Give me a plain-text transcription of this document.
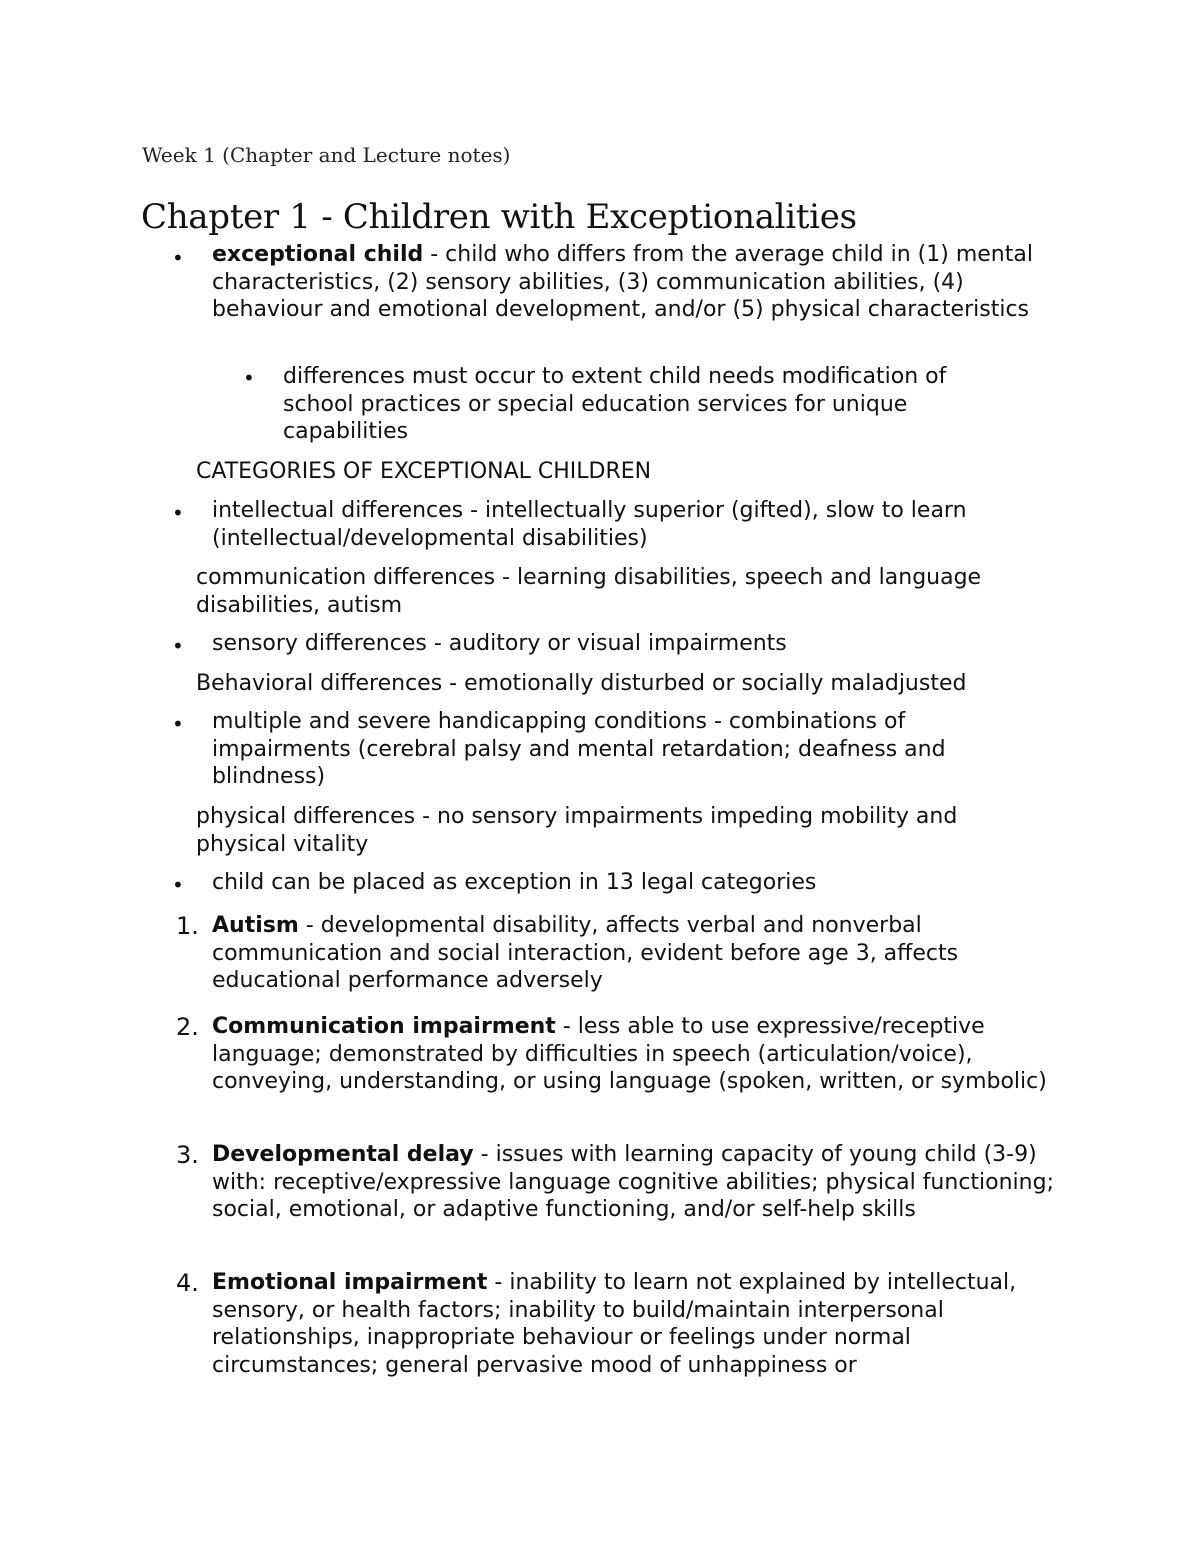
Week 1 (Chapter and Lecture notes)
Chapter 1 - Children with Exceptionalities
• exceptional child - child who differs from the average child in (1) mental characteristics, (2) sensory abilities, (3) communication abilities, (4) behaviour and emotional development, and/or (5) physical characteristics
• differences must occur to extent child needs modification of school practices or special education services for unique capabilities
CATEGORIES OF EXCEPTIONAL CHILDREN
• intellectual differences - intellectually superior (gifted), slow to learn (intellectual/developmental disabilities)
communication differences - learning disabilities, speech and language disabilities, autism
• sensory differences - auditory or visual impairments
Behavioral differences - emotionally disturbed or socially maladjusted
• multiple and severe handicapping conditions - combinations of impairments (cerebral palsy and mental retardation; deafness and blindness)
physical differences - no sensory impairments impeding mobility and physical vitality
• child can be placed as exception in 13 legal categories
1. Autism - developmental disability, affects verbal and nonverbal communication and social interaction, evident before age 3, affects educational performance adversely
2. Communication impairment - less able to use expressive/receptive language; demonstrated by difficulties in speech (articulation/voice), conveying, understanding, or using language (spoken, written, or symbolic)
3. Developmental delay - issues with learning capacity of young child (3-9) with: receptive/expressive language cognitive abilities; physical functioning; social, emotional, or adaptive functioning, and/or self-help skills
4. Emotional impairment - inability to learn not explained by intellectual, sensory, or health factors; inability to build/maintain interpersonal relationships, inappropriate behaviour or feelings under normal circumstances; general pervasive mood of unhappiness or
